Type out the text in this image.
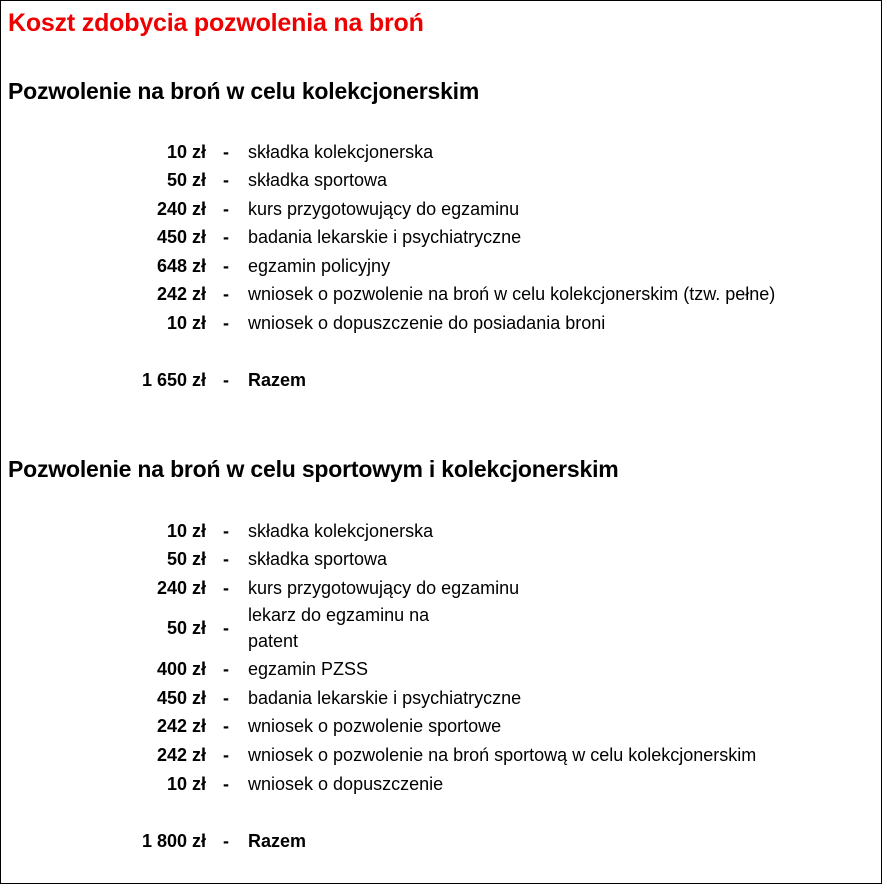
Koszt zdobycia pozwolenia na broń
Pozwolenie na broń w celu kolekcjonerskim
10 zł - składka kolekcjonerska
50 zł - składka sportowa
240 zł - kurs przygotowujący do egzaminu
450 zł - badania lekarskie i psychiatryczne
648 zł - egzamin policyjny
242 zł - wniosek o pozwolenie na broń w celu kolekcjonerskim (tzw. pełne)
10 zł - wniosek o dopuszczenie do posiadania broni
1 650 zł - Razem
Pozwolenie na broń w celu sportowym i kolekcjonerskim
10 zł - składka kolekcjonerska
50 zł - składka sportowa
240 zł - kurs przygotowujący do egzaminu
50 zł -
lekarz do egzaminu na patent
400 zł - egzamin PZSS
450 zł - badania lekarskie i psychiatryczne
242 zł - wniosek o pozwolenie sportowe
242 zł - wniosek o pozwolenie na broń sportową w celu kolekcjonerskim
10 zł - wniosek o dopuszczenie
1 800 zł - Razem
